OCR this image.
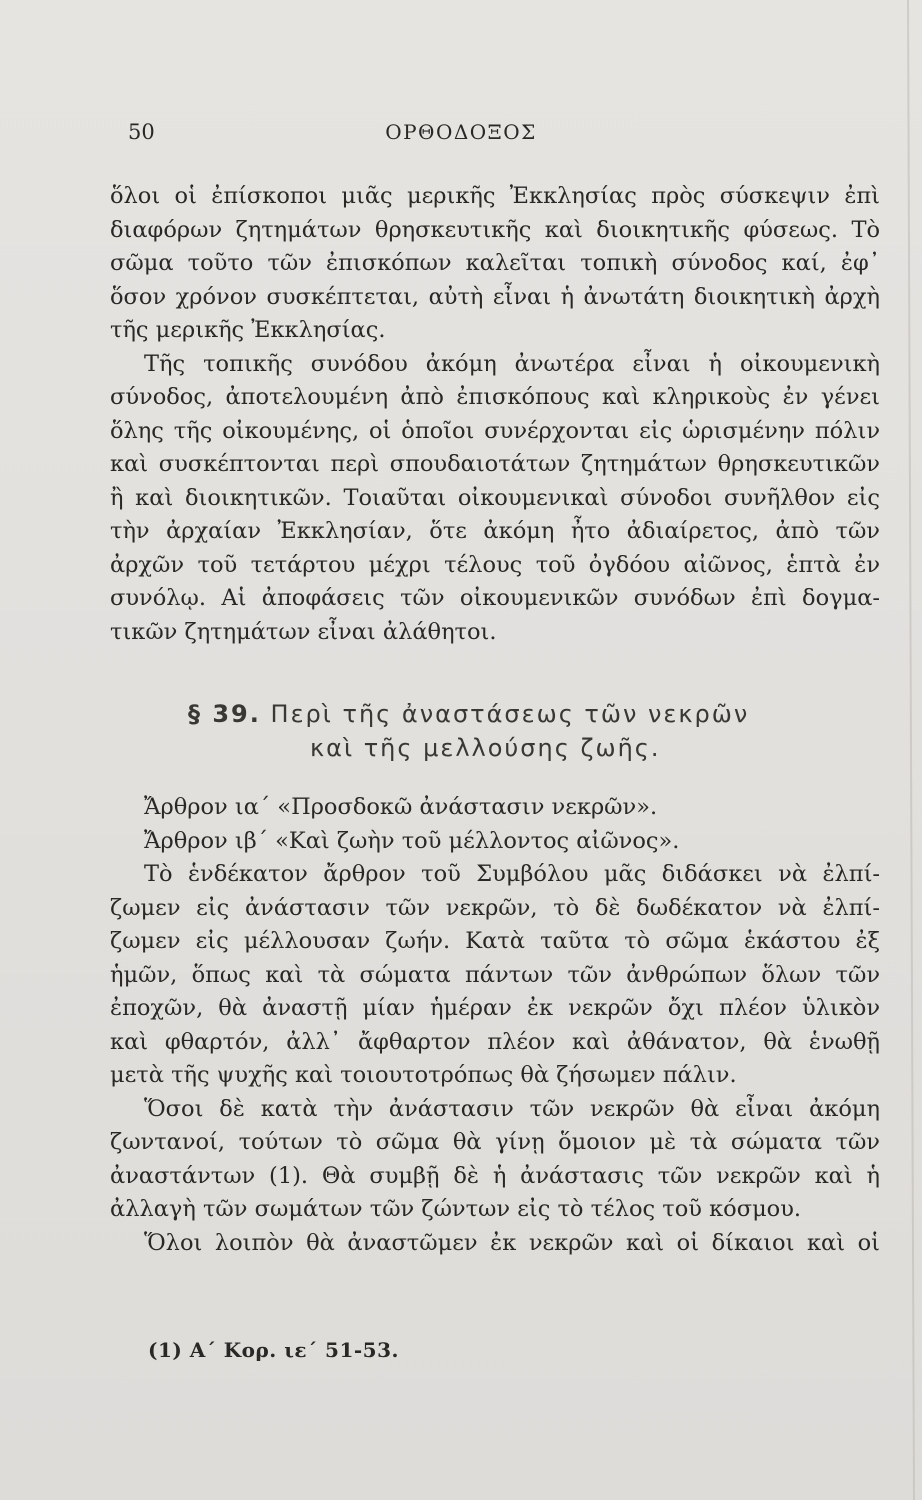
50	ΟΡΘΟΔΟΞΟΣ
ὅλοι οἱ ἐπίσκοποι μιᾶς μερικῆς Ἐκκλησίας πρὸς σύσκεψιν ἐπὶ
διαφόρων ζητημάτων θρησκευτικῆς καὶ διοικητικῆς φύσεως. Τὸ
σῶμα τοῦτο τῶν ἐπισκόπων καλεῖται τοπικὴ σύνοδος καί, ἐφ᾽
ὅσον χρόνον συσκέπτεται, αὐτὴ εἶναι ἡ ἀνωτάτη διοικητικὴ ἀρχὴ
τῆς μερικῆς Ἐκκλησίας.
Τῆς τοπικῆς συνόδου ἀκόμη ἀνωτέρα εἶναι ἡ οἰκουμενικὴ
σύνοδος, ἀποτελουμένη ἀπὸ ἐπισκόπους καὶ κληρικοὺς ἐν γένει
ὅλης τῆς οἰκουμένης, οἱ ὁποῖοι συνέρχονται εἰς ὡρισμένην πόλιν
καὶ συσκέπτονται περὶ σπουδαιοτάτων ζητημάτων θρησκευτικῶν
ἢ καὶ διοικητικῶν. Τοιαῦται οἰκουμενικαὶ σύνοδοι συνῆλθον εἰς
τὴν ἀρχαίαν Ἐκκλησίαν, ὅτε ἀκόμη ἦτο ἀδιαίρετος, ἀπὸ τῶν
ἀρχῶν τοῦ τετάρτου μέχρι τέλους τοῦ ὀγδόου αἰῶνος, ἑπτὰ ἐν
συνόλῳ. Αἱ ἀποφάσεις τῶν οἰκουμενικῶν συνόδων ἐπὶ δογμα-
τικῶν ζητημάτων εἶναι ἀλάθητοι.
§ 39. Περὶ τῆς ἀναστάσεως τῶν νεκρῶν
καὶ τῆς μελλούσης ζωῆς.
Ἄρθρον ια´ «Προσδοκῶ ἀνάστασιν νεκρῶν».
Ἄρθρον ιβ´ «Καὶ ζωὴν τοῦ μέλλοντος αἰῶνος».
Τὸ ἑνδέκατον ἄρθρον τοῦ Συμβόλου μᾶς διδάσκει νὰ ἐλπί-
ζωμεν εἰς ἀνάστασιν τῶν νεκρῶν, τὸ δὲ δωδέκατον νὰ ἐλπί-
ζωμεν εἰς μέλλουσαν ζωήν. Κατὰ ταῦτα τὸ σῶμα ἑκάστου ἐξ
ἡμῶν, ὅπως καὶ τὰ σώματα πάντων τῶν ἀνθρώπων ὅλων τῶν
ἐποχῶν, θὰ ἀναστῇ μίαν ἡμέραν ἐκ νεκρῶν ὄχι πλέον ὑλικὸν
καὶ φθαρτόν, ἀλλ᾽ ἄφθαρτον πλέον καὶ ἀθάνατον, θὰ ἑνωθῇ
μετὰ τῆς ψυχῆς καὶ τοιουτοτρόπως θὰ ζήσωμεν πάλιν.
Ὅσοι δὲ κατὰ τὴν ἀνάστασιν τῶν νεκρῶν θὰ εἶναι ἀκόμη
ζωντανοί, τούτων τὸ σῶμα θὰ γίνῃ ὅμοιον μὲ τὰ σώματα τῶν
ἀναστάντων (1). Θὰ συμβῇ δὲ ἡ ἀνάστασις τῶν νεκρῶν καὶ ἡ
ἀλλαγὴ τῶν σωμάτων τῶν ζώντων εἰς τὸ τέλος τοῦ κόσμου.
Ὅλοι λοιπὸν θὰ ἀναστῶμεν ἐκ νεκρῶν καὶ οἱ δίκαιοι καὶ οἱ
(1) Α´ Κορ. ιε´ 51-53.
